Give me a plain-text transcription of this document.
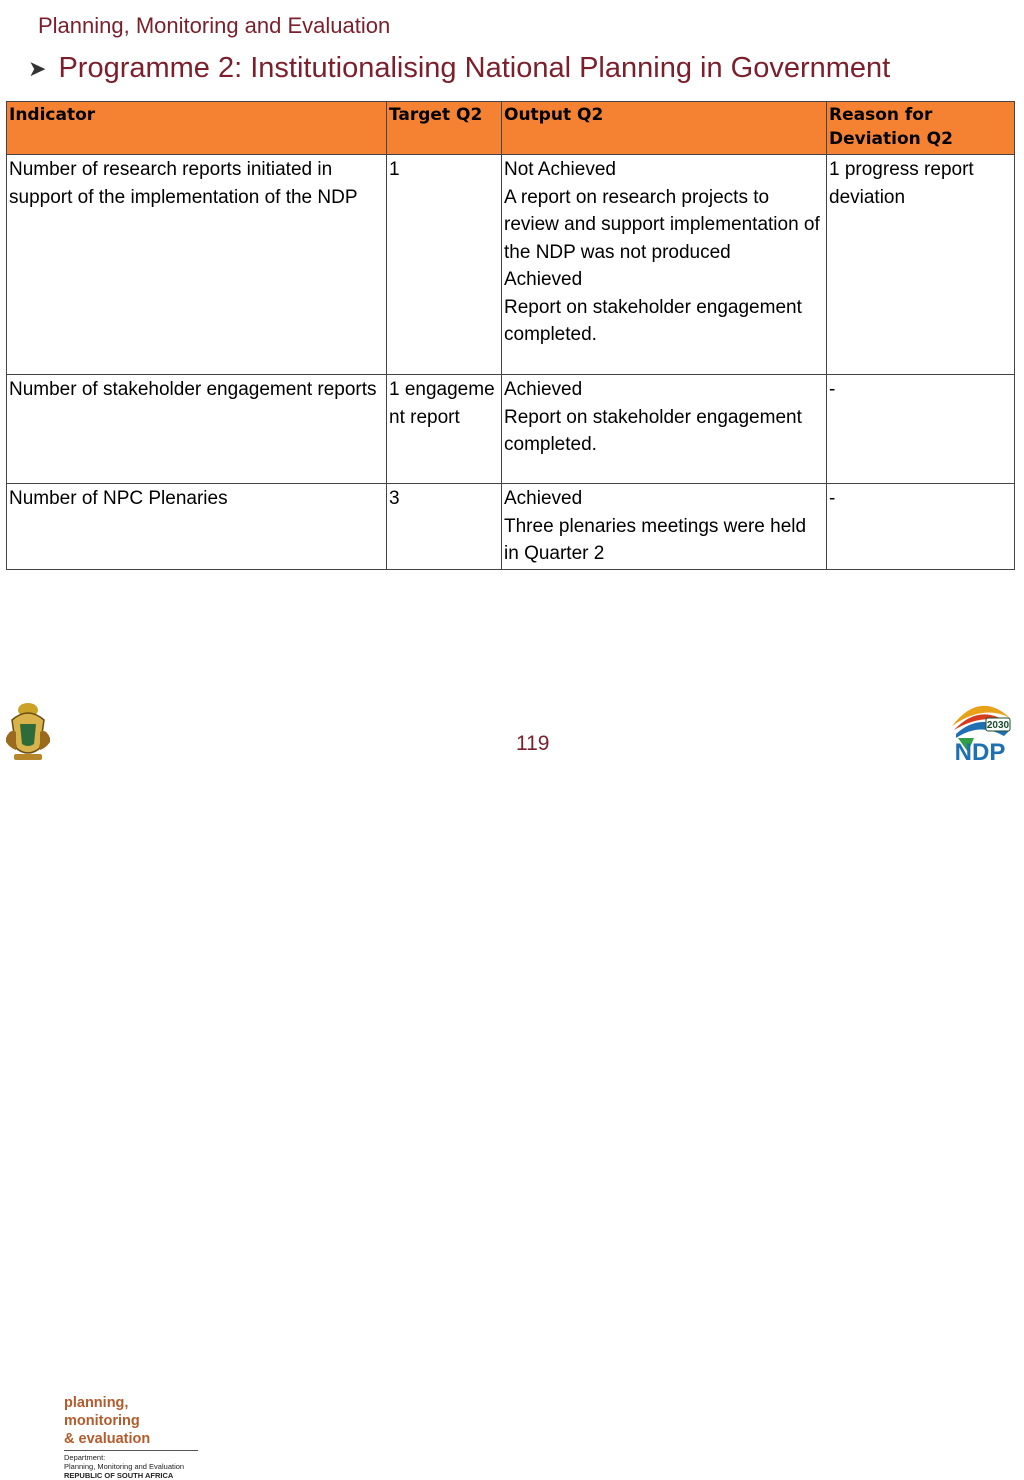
Planning, Monitoring and Evaluation
➤ Programme 2: Institutionalising National Planning in Government
Indicator	Target Q2	Output Q2	Reason for Deviation Q2
Number of research reports initiated in support of the implementation of the NDP	1	Not Achieved
A report on research projects to review and support implementation of the NDP was not produced
Achieved
Report on stakeholder engagement completed.	1 progress report deviation
Number of stakeholder engagement reports	1 engagement report	Achieved
Report on stakeholder engagement completed.	-
Number of NPC Plenaries	3	Achieved
Three plenaries meetings were held in Quarter 2	-
planning, monitoring
& evaluation
Department:
Planning, Monitoring and Evaluation
REPUBLIC OF SOUTH AFRICA
119
2030
NDP
